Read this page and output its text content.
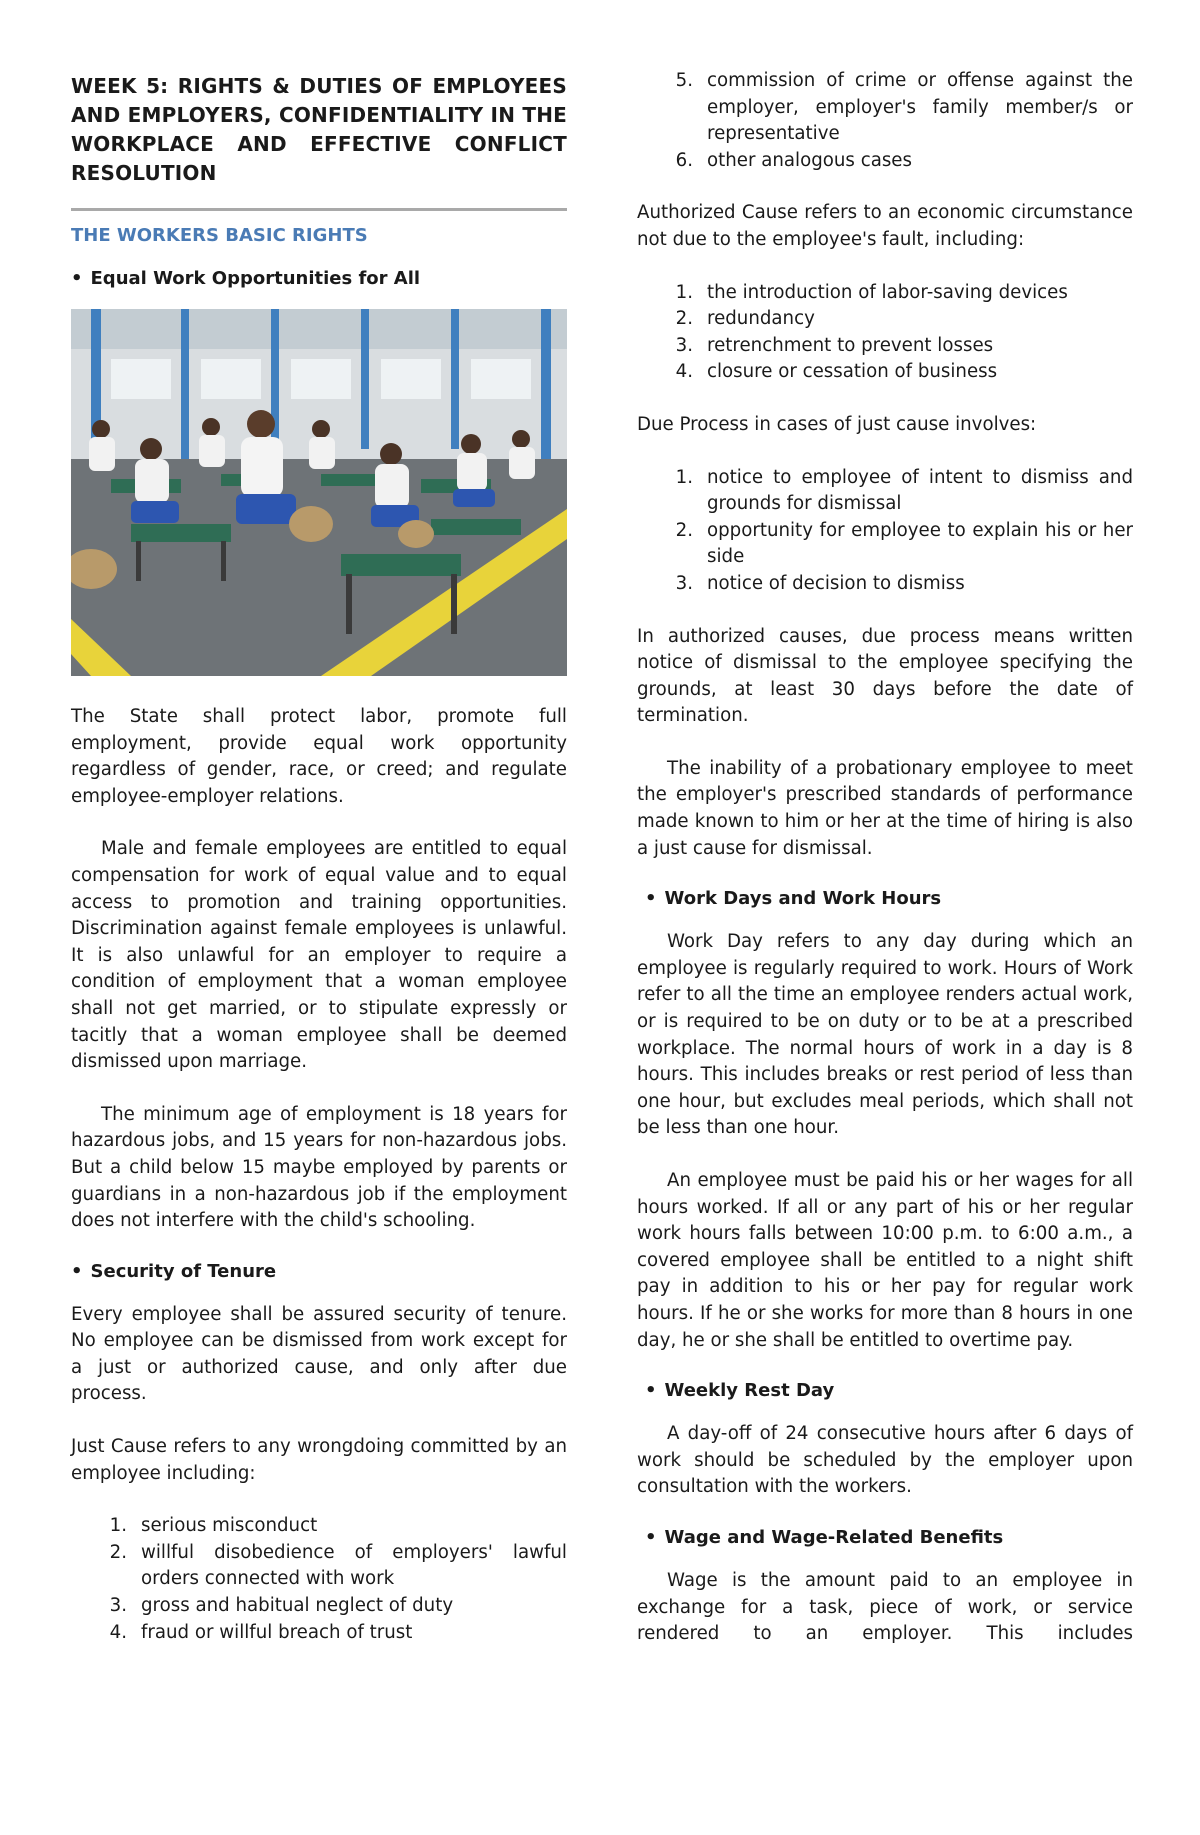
WEEK 5: RIGHTS & DUTIES OF EMPLOYEES AND EMPLOYERS, CONFIDENTIALITY IN THE WORKPLACE AND EFFECTIVE CONFLICT RESOLUTION
THE WORKERS BASIC RIGHTS
• Equal Work Opportunities for All

The State shall protect labor, promote full employment, provide equal work opportunity regardless of gender, race, or creed; and regulate employee-employer relations.

Male and female employees are entitled to equal compensation for work of equal value and to equal access to promotion and training opportunities. Discrimination against female employees is unlawful. It is also unlawful for an employer to require a condition of employment that a woman employee shall not get married, or to stipulate expressly or tacitly that a woman employee shall be deemed dismissed upon marriage.

The minimum age of employment is 18 years for hazardous jobs, and 15 years for non-hazardous jobs. But a child below 15 maybe employed by parents or guardians in a non-hazardous job if the employment does not interfere with the child's schooling.

• Security of Tenure

Every employee shall be assured security of tenure. No employee can be dismissed from work except for a just or authorized cause, and only after due process.

Just Cause refers to any wrongdoing committed by an employee including:

1. serious misconduct
2. willful disobedience of employers' lawful orders connected with work
3. gross and habitual neglect of duty
4. fraud or willful breach of trust
5. commission of crime or offense against the employer, employer's family member/s or representative
6. other analogous cases

Authorized Cause refers to an economic circumstance not due to the employee's fault, including:

1. the introduction of labor-saving devices
2. redundancy
3. retrenchment to prevent losses
4. closure or cessation of business

Due Process in cases of just cause involves:

1. notice to employee of intent to dismiss and grounds for dismissal
2. opportunity for employee to explain his or her side
3. notice of decision to dismiss

In authorized causes, due process means written notice of dismissal to the employee specifying the grounds, at least 30 days before the date of termination.

The inability of a probationary employee to meet the employer's prescribed standards of performance made known to him or her at the time of hiring is also a just cause for dismissal.

• Work Days and Work Hours

Work Day refers to any day during which an employee is regularly required to work. Hours of Work refer to all the time an employee renders actual work, or is required to be on duty or to be at a prescribed workplace. The normal hours of work in a day is 8 hours. This includes breaks or rest period of less than one hour, but excludes meal periods, which shall not be less than one hour.

An employee must be paid his or her wages for all hours worked. If all or any part of his or her regular work hours falls between 10:00 p.m. to 6:00 a.m., a covered employee shall be entitled to a night shift pay in addition to his or her pay for regular work hours. If he or she works for more than 8 hours in one day, he or she shall be entitled to overtime pay.

• Weekly Rest Day

A day-off of 24 consecutive hours after 6 days of work should be scheduled by the employer upon consultation with the workers.

• Wage and Wage-Related Benefits

Wage is the amount paid to an employee in exchange for a task, piece of work, or service rendered to an employer. This includes
